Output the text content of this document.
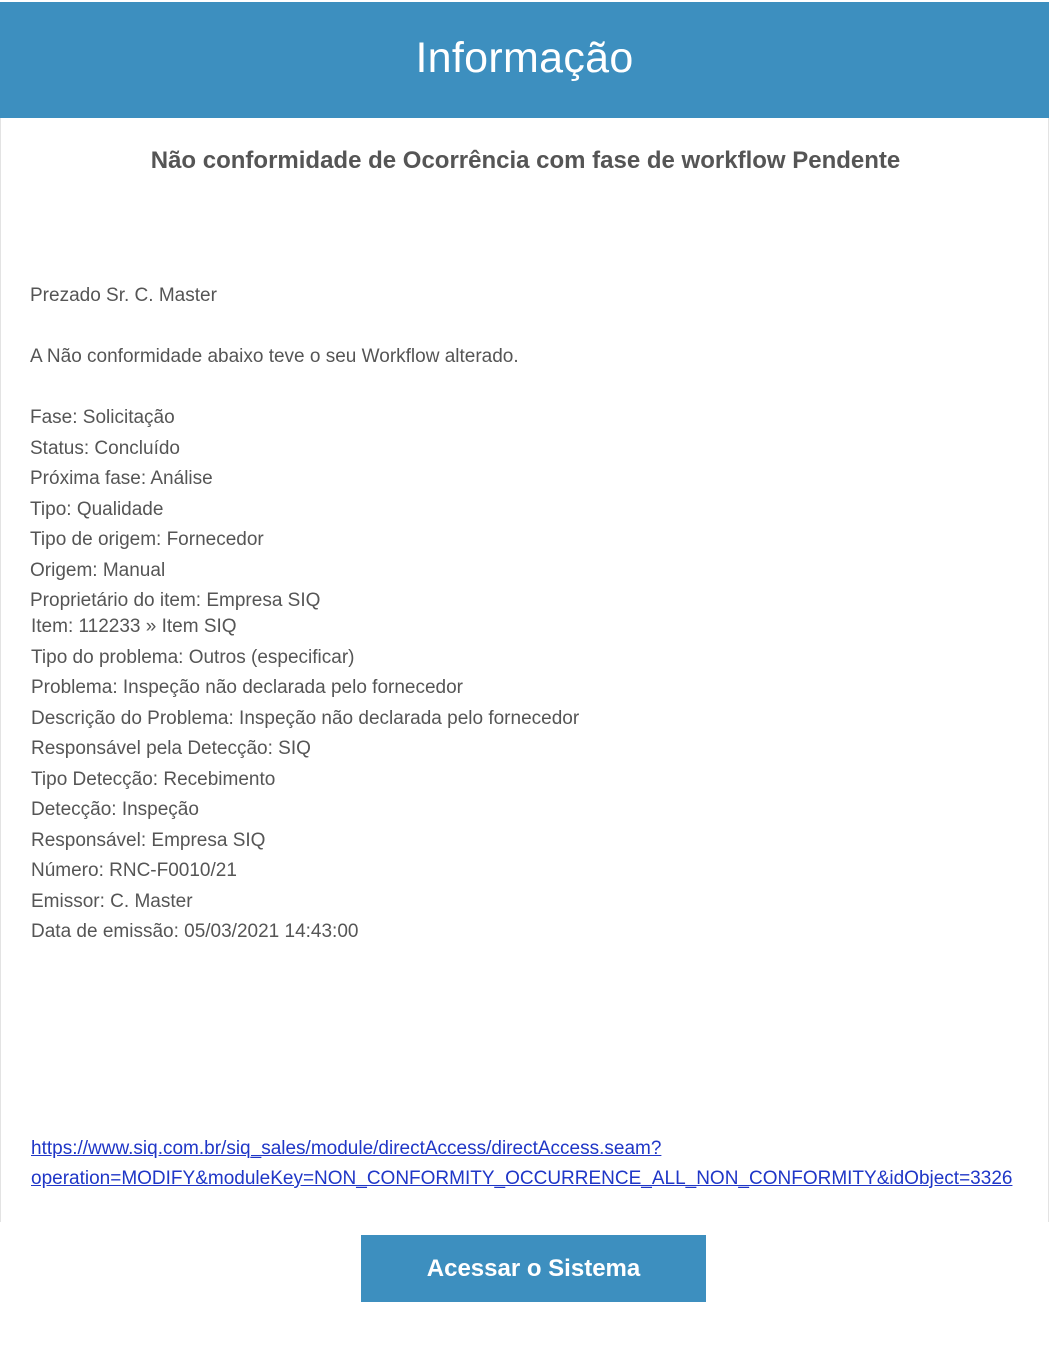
Informação
Não conformidade de Ocorrência com fase de workflow Pendente
Prezado Sr. C. Master
A Não conformidade abaixo teve o seu Workflow alterado.
Fase: Solicitação
Status: Concluído
Próxima fase: Análise
Tipo: Qualidade
Tipo de origem: Fornecedor
Origem: Manual
Proprietário do item: Empresa SIQ
Item: 112233 » Item SIQ
Tipo do problema: Outros (especificar)
Problema: Inspeção não declarada pelo fornecedor
Descrição do Problema: Inspeção não declarada pelo fornecedor
Responsável pela Detecção: SIQ
Tipo Detecção: Recebimento
Detecção: Inspeção
Responsável: Empresa SIQ
Número: RNC-F0010/21
Emissor: C. Master
Data de emissão: 05/03/2021 14:43:00
https://www.siq.com.br/siq_sales/module/directAccess/directAccess.seam?
operation=MODIFY&moduleKey=NON_CONFORMITY_OCCURRENCE_ALL_NON_CONFORMITY&idObject=3326
Acessar o Sistema
